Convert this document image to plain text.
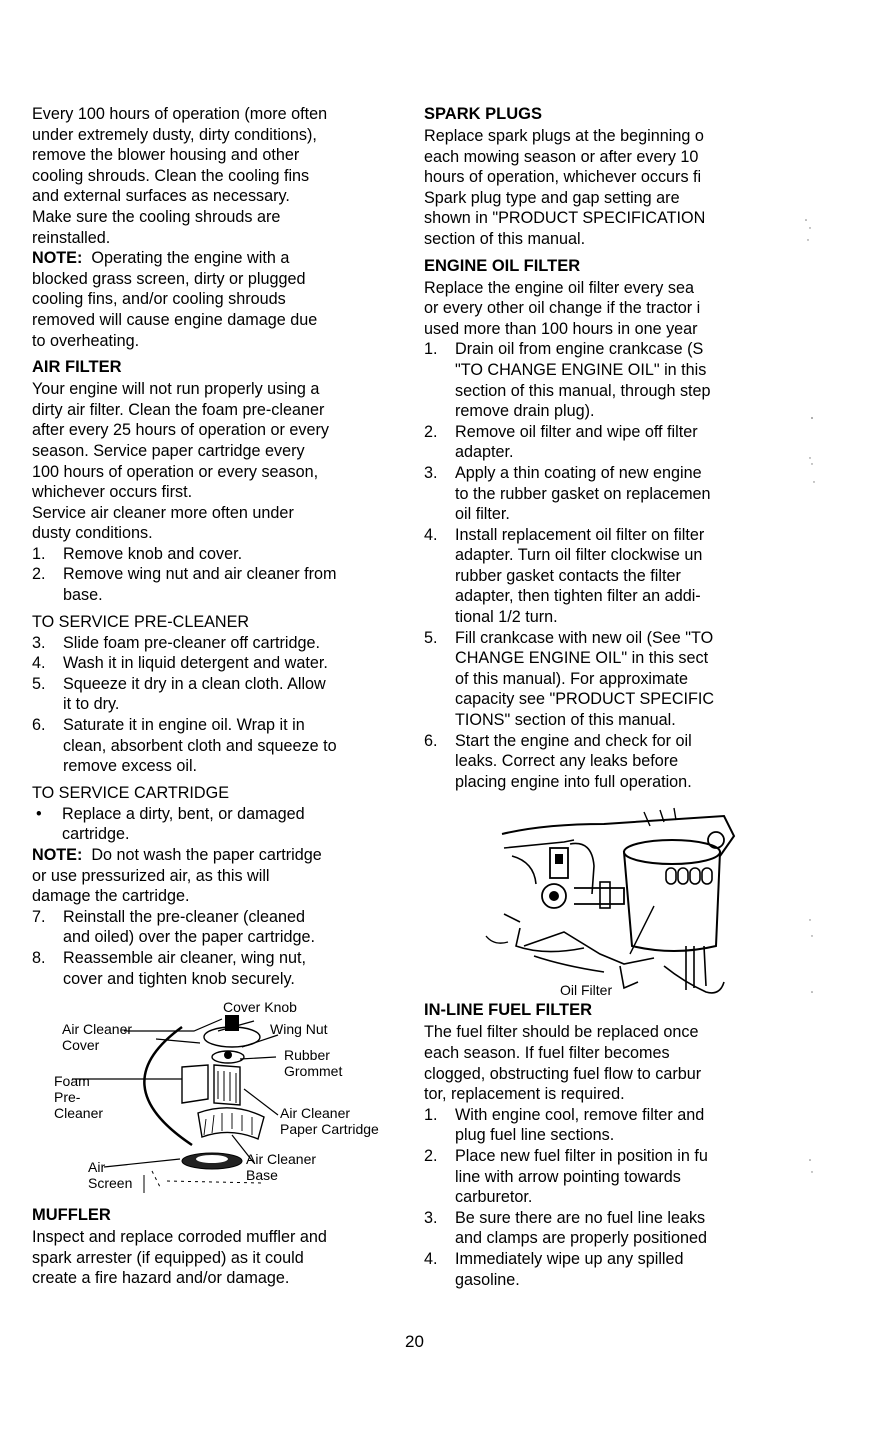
Every 100 hours of operation (more often
under extremely dusty, dirty conditions),
remove the blower housing and other
cooling shrouds. Clean the cooling fins
and external surfaces as necessary.
Make sure the cooling shrouds are
reinstalled.

NOTE:  Operating the engine with a
blocked grass screen, dirty or plugged
cooling fins, and/or cooling shrouds
removed will cause engine damage due
to overheating.

AIR FILTER
Your engine will not run properly using a
dirty air filter. Clean the foam pre-cleaner
after every 25 hours of operation or every
season. Service paper cartridge every
100 hours of operation or every season,
whichever occurs first.
Service air cleaner more often under
dusty conditions.
1.	Remove knob and cover.
2.	Remove wing nut and air cleaner from
base.
TO SERVICE PRE-CLEANER
3.	Slide foam pre-cleaner off cartridge.
4.	Wash it in liquid detergent and water.
5.	Squeeze it dry in a clean cloth. Allow
it to dry.
6.	Saturate it in engine oil. Wrap it in
clean, absorbent cloth and squeeze to
remove excess oil.
TO SERVICE CARTRIDGE
•	Replace a dirty, bent, or damaged
cartridge.

NOTE:  Do not wash the paper cartridge
or use pressurized air, as this will
damage the cartridge.

7.	Reinstall the pre-cleaner (cleaned
and oiled) over the paper cartridge.
8.	Reassemble air cleaner, wing nut,
cover and tighten knob securely.
Cover Knob
Air Cleaner
Cover
Wing Nut
Rubber
Grommet
Foam
Pre-
Cleaner	Air Cleaner
Paper Cartridge
Air Cleaner
Base
Air
Screen
MUFFLER
Inspect and replace corroded muffler and
spark arrester (if equipped) as it could
create a fire hazard and/or damage.
SPARK PLUGS
Replace spark plugs at the beginning o
each mowing season or after every 10
hours of operation, whichever occurs fi
Spark plug type and gap setting are
shown in "PRODUCT SPECIFICATION
section of this manual.
ENGINE OIL FILTER
Replace the engine oil filter every sea
or every other oil change if the tractor i
used more than 100 hours in one year
1.	Drain oil from engine crankcase (S
"TO CHANGE ENGINE OIL" in this
section of this manual, through step
remove drain plug).
2.	Remove oil filter and wipe off filter
adapter.
3.	Apply a thin coating of new engine
to the rubber gasket on replacemen
oil filter.
4.	Install replacement oil filter on filter
adapter. Turn oil filter clockwise un
rubber gasket contacts the filter
adapter, then tighten filter an addi-
tional 1/2 turn.
5.	Fill crankcase with new oil (See "TO
CHANGE ENGINE OIL" in this sect
of this manual). For approximate
capacity see "PRODUCT SPECIFIC
TIONS" section of this manual.
6.	Start the engine and check for oil
leaks. Correct any leaks before
placing engine into full operation.
Oil Filter
IN-LINE FUEL FILTER
The fuel filter should be replaced once
each season. If fuel filter becomes
clogged, obstructing fuel flow to carbur
tor, replacement is required.
1.	With engine cool, remove filter and
plug fuel line sections.
2.	Place new fuel filter in position in fu
line with arrow pointing towards
carburetor.
3.	Be sure there are no fuel line leaks
and clamps are properly positioned
4.	Immediately wipe up any spilled
gasoline.
20
